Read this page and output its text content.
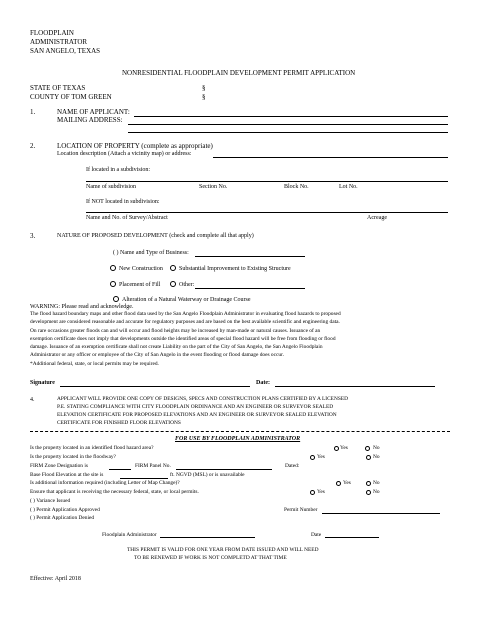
FLOODPLAIN
ADMINISTRATOR
SAN ANGELO, TEXAS
NONRESIDENTIAL FLOODPLAIN DEVELOPMENT PERMIT APPLICATION
STATE OF TEXAS	§
COUNTY OF TOM GREEN	§
1.	NAME OF APPLICANT:
MAILING ADDRESS:
2.	LOCATION OF PROPERTY (complete as appropriate)
Location description (Attach a vicinity map) or address:
If located in a subdivision:
Name of subdivision	Section No.	Block No.	Lot No.
If NOT located in subdivision:
Name and No. of Survey/Abstract	Acreage
3.	NATURE OF PROPOSED DEVELOPMENT (check and complete all that apply)
( ) Name and Type of Business:
New Construction	Substantial Improvement to Existing Structure
Placement of Fill	Other:
Alteration of a Natural Waterway or Drainage Course
WARNING: Please read and acknowledge.
The flood hazard boundary maps and other flood data used by the San Angelo Floodplain Administrator in evaluating flood hazards to proposed
development are considered reasonable and accurate for regulatory purposes and are based on the best available scientific and engineering data.
On rare occasions greater floods can and will occur and flood heights may be increased by man-made or natural causes. Issuance of an
exemption certificate does not imply that developments outside the identified areas of special flood hazard will be free from flooding or flood
damage. Issuance of an exemption certificate shall not create Liability on the part of the City of San Angelo, the San Angelo Floodplain
Administrator or any officer or employee of the City of San Angelo in the event flooding or flood damage does occur.
*Additional federal, state, or local permits may be required.
Signature	Date:
4.	APPLICANT WILL PROVIDE ONE COPY OF DESIGNS, SPECS AND CONSTRUCTION PLANS CERTIFIED BY A LICENSED
P.E. STATING COMPLIANCE WITH CITY FLOODPLAIN ORDINANCE AND AN ENGINEER OR SURVEYOR SEALED
ELEVATION CERTIFICATE FOR PROPOSED ELEVATIONS AND AN ENGINEER OR SURVEYOR SEALED ELEVATION
CERTIFICATE FOR FINISHED FLOOR ELEVATIONS
FOR USE BY FLOODPLAIN ADMINISTRATOR
Is the property located in an identified flood hazard area?	Yes	No
Is the property located in the floodway?	Yes	No
FIRM Zone Designation is	FIRM Panel No.	Dated:
Base Flood Elevation at the site is	ft. NGVD (MSL) or is unavailable
Is additional information required (including Letter of Map Change)?	Yes	No
Ensure that applicant is receiving the necessary federal, state, or local permits.	Yes	No
( ) Variance Issued
( ) Permit Application Approved	Permit Number
( ) Permit Application Denied
Floodplain Administrator	Date
THIS PERMIT IS VALID FOR ONE YEAR FROM DATE ISSUED AND WILL NEED
TO BE RENEWED IF WORK IS NOT COMPLETD AT THAT TIME
Effective: April 2018
